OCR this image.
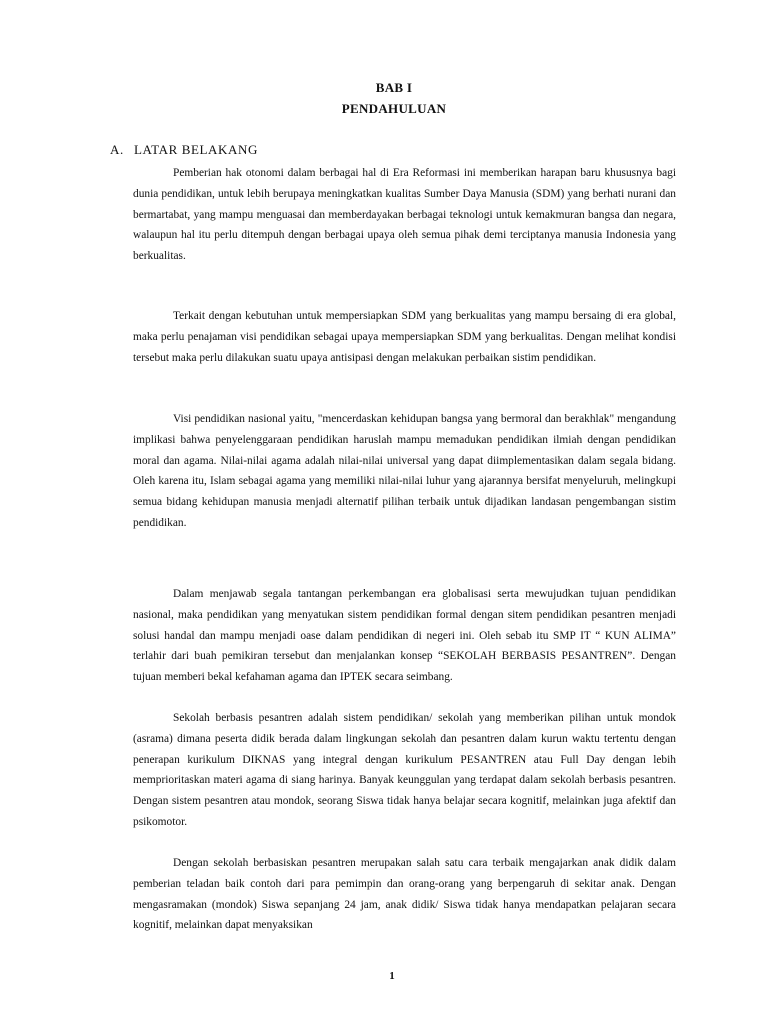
BAB I
PENDAHULUAN
A. LATAR BELAKANG

Pemberian hak otonomi dalam berbagai hal di Era Reformasi ini memberikan harapan baru khususnya bagi dunia pendidikan, untuk lebih berupaya meningkatkan kualitas Sumber Daya Manusia (SDM) yang berhati nurani dan bermartabat, yang mampu menguasai dan memberdayakan berbagai teknologi untuk kemakmuran bangsa dan negara, walaupun hal itu perlu ditempuh dengan berbagai upaya oleh semua pihak demi terciptanya manusia Indonesia yang berkualitas.

Terkait dengan kebutuhan untuk mempersiapkan SDM yang berkualitas yang mampu bersaing di era global, maka perlu penajaman visi pendidikan sebagai upaya mempersiapkan SDM yang berkualitas. Dengan melihat kondisi tersebut maka perlu dilakukan suatu upaya antisipasi dengan melakukan perbaikan sistim pendidikan.

Visi pendidikan nasional yaitu, "mencerdaskan kehidupan bangsa yang bermoral dan berakhlak" mengandung implikasi bahwa penyelenggaraan pendidikan haruslah mampu memadukan pendidikan ilmiah dengan pendidikan moral dan agama. Nilai-nilai agama adalah nilai-nilai universal yang dapat diimplementasikan dalam segala bidang. Oleh karena itu, Islam sebagai agama yang memiliki nilai-nilai luhur yang ajarannya bersifat menyeluruh, melingkupi semua bidang kehidupan manusia menjadi alternatif pilihan terbaik untuk dijadikan landasan pengembangan sistim pendidikan.

Dalam menjawab segala tantangan perkembangan era globalisasi serta mewujudkan tujuan pendidikan nasional, maka pendidikan yang menyatukan sistem pendidikan formal dengan sitem pendidikan pesantren menjadi solusi handal dan mampu menjadi oase dalam pendidikan di negeri ini. Oleh sebab itu SMP IT “ KUN ALIMA” terlahir dari buah pemikiran tersebut dan menjalankan konsep “SEKOLAH BERBASIS PESANTREN”. Dengan tujuan memberi bekal kefahaman agama dan IPTEK secara seimbang.

Sekolah berbasis pesantren adalah sistem pendidikan/ sekolah yang memberikan pilihan untuk mondok (asrama) dimana peserta didik berada dalam lingkungan sekolah dan pesantren dalam kurun waktu tertentu dengan penerapan kurikulum DIKNAS yang integral dengan kurikulum PESANTREN atau Full Day dengan lebih memprioritaskan materi agama di siang harinya. Banyak keunggulan yang terdapat dalam sekolah berbasis pesantren. Dengan sistem pesantren atau mondok, seorang Siswa tidak hanya belajar secara kognitif, melainkan juga afektif dan psikomotor.

Dengan sekolah berbasiskan pesantren merupakan salah satu cara terbaik mengajarkan anak didik dalam pemberian teladan baik contoh dari para pemimpin dan orang-orang yang berpengaruh di sekitar anak. Dengan mengasramakan (mondok) Siswa sepanjang 24 jam, anak didik/ Siswa tidak hanya mendapatkan pelajaran secara kognitif, melainkan dapat menyaksikan

1
